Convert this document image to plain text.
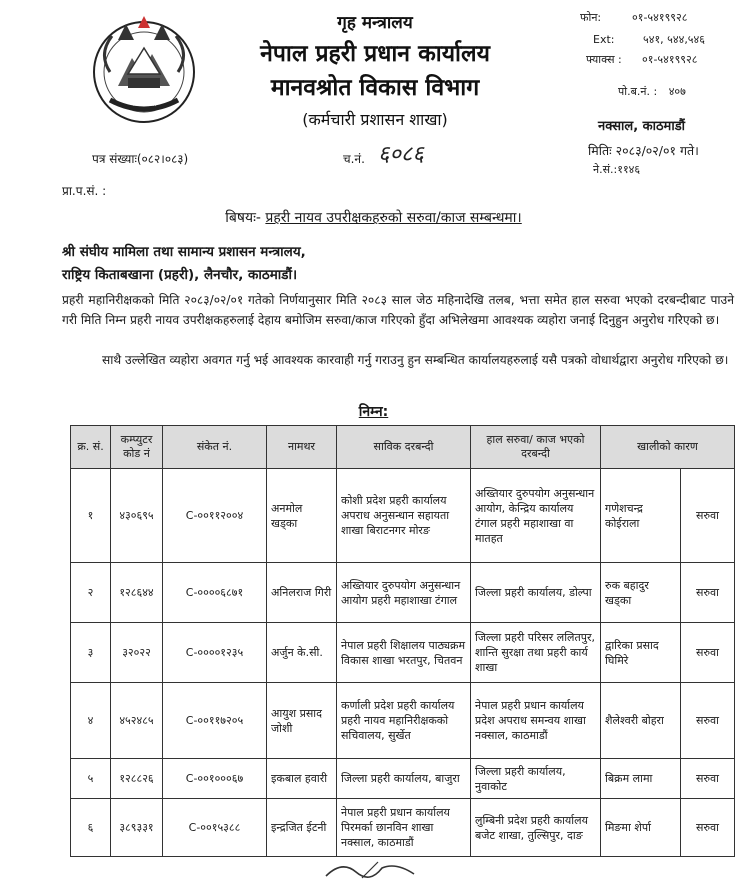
नेपाल सरकार
गृह मन्त्रालय
नेपाल प्रहरी प्रधान कार्यालय
मानवश्रोत विकास विभाग
(कर्मचारी प्रशासन शाखा)
फोन:	०१-५४१९९२८
Ext:	५४१, ५४४,५४६
फ्याक्स : ०१-५४१९९२८
पो.ब.नं. : ४०७
नक्साल, काठमाडौं
पत्र संख्याः(०८२।०८३)	च.नं. ६०८६	मितिः २०८३/०२/०१ गते।
ने.सं.:११४६
प्रा.प.सं. :
बिषयः- प्रहरी नायव उपरीक्षकहरुको सरुवा/काज सम्बन्धमा।
श्री संघीय मामिला तथा सामान्य प्रशासन मन्त्रालय,
राष्ट्रिय किताबखाना (प्रहरी), लैनचौर, काठमाडौं।
प्रहरी महानिरीक्षकको मिति २०८३/०२/०१ गतेको निर्णयानुसार मिति २०८३ साल जेठ महिनादेखि तलब, भत्ता समेत हाल सरुवा भएको दरबन्दीबाट पाउने गरी मिति निम्न प्रहरी नायव उपरीक्षकहरुलाई देहाय बमोजिम सरुवा/काज गरिएको हुँदा अभिलेखमा आवश्यक व्यहोरा जनाई दिनुहुन अनुरोध गरिएको छ।
साथै उल्लेखित व्यहोरा अवगत गर्नु भई आवश्यक कारवाही गर्नु गराउनु हुन सम्बन्धित कार्यालयहरुलाई यसै पत्रको वोधार्थद्वारा अनुरोध गरिएको छ।
निम्न:
क्र. सं.	कम्प्युटर कोड नं	संकेत नं.	नामथर	साविक दरबन्दी	हाल सरुवा/ काज भएको दरबन्दी	खालीको कारण	
१	४३०६९५	C-००११२००४	अनमोल खड्का	कोशी प्रदेश प्रहरी कार्यालय अपराध अनुसन्धान सहायता शाखा बिराटनगर मोरङ	अख्तियार दुरुपयोग अनुसन्धान आयोग, केन्द्रिय कार्यालय टंगाल प्रहरी महाशाखा वा मातहत	गणेशचन्द्र कोईराला	सरुवा
२	१२८६४४	C-००००६८७१	अनिलराज गिरी	अख्तियार दुरुपयोग अनुसन्धान आयोग प्रहरी महाशाखा टंगाल	जिल्ला प्रहरी कार्यालय, डोल्पा	रुक बहादुर खड्का	सरुवा
३	३२०२२	C-००००१२३५	अर्जुन के.सी.	नेपाल प्रहरी शिक्षालय पाठ्यक्रम विकास शाखा भरतपुर, चितवन	जिल्ला प्रहरी परिसर ललितपुर, शान्ति सुरक्षा तथा प्रहरी कार्य शाखा	द्वारिका प्रसाद घिमिरे	सरुवा
४	४५२४८५	C-००११७२०५	आयुश प्रसाद जोशी	कर्णाली प्रदेश प्रहरी कार्यालय प्रहरी नायव महानिरीक्षकको सचिवालय, सुर्खेत	नेपाल प्रहरी प्रधान कार्यालय प्रदेश अपराध समन्वय शाखा नक्साल, काठमाडौं	शैलेश्वरी बोहरा	सरुवा
५	१२८८२६	C-००१०००६७	इकबाल हवारी	जिल्ला प्रहरी कार्यालय, बाजुरा	जिल्ला प्रहरी कार्यालय, नुवाकोट	बिक्रम लामा	सरुवा
६	३८९३३१	C-००१५३८८	इन्द्रजित ईटनी	नेपाल प्रहरी प्रधान कार्यालय पिरमर्का छानविन शाखा नक्साल, काठमाडौं	लुम्बिनी प्रदेश प्रहरी कार्यालय बजेट शाखा, तुल्सिपुर, दाङ	मिङमा शेर्पा	सरुवा
